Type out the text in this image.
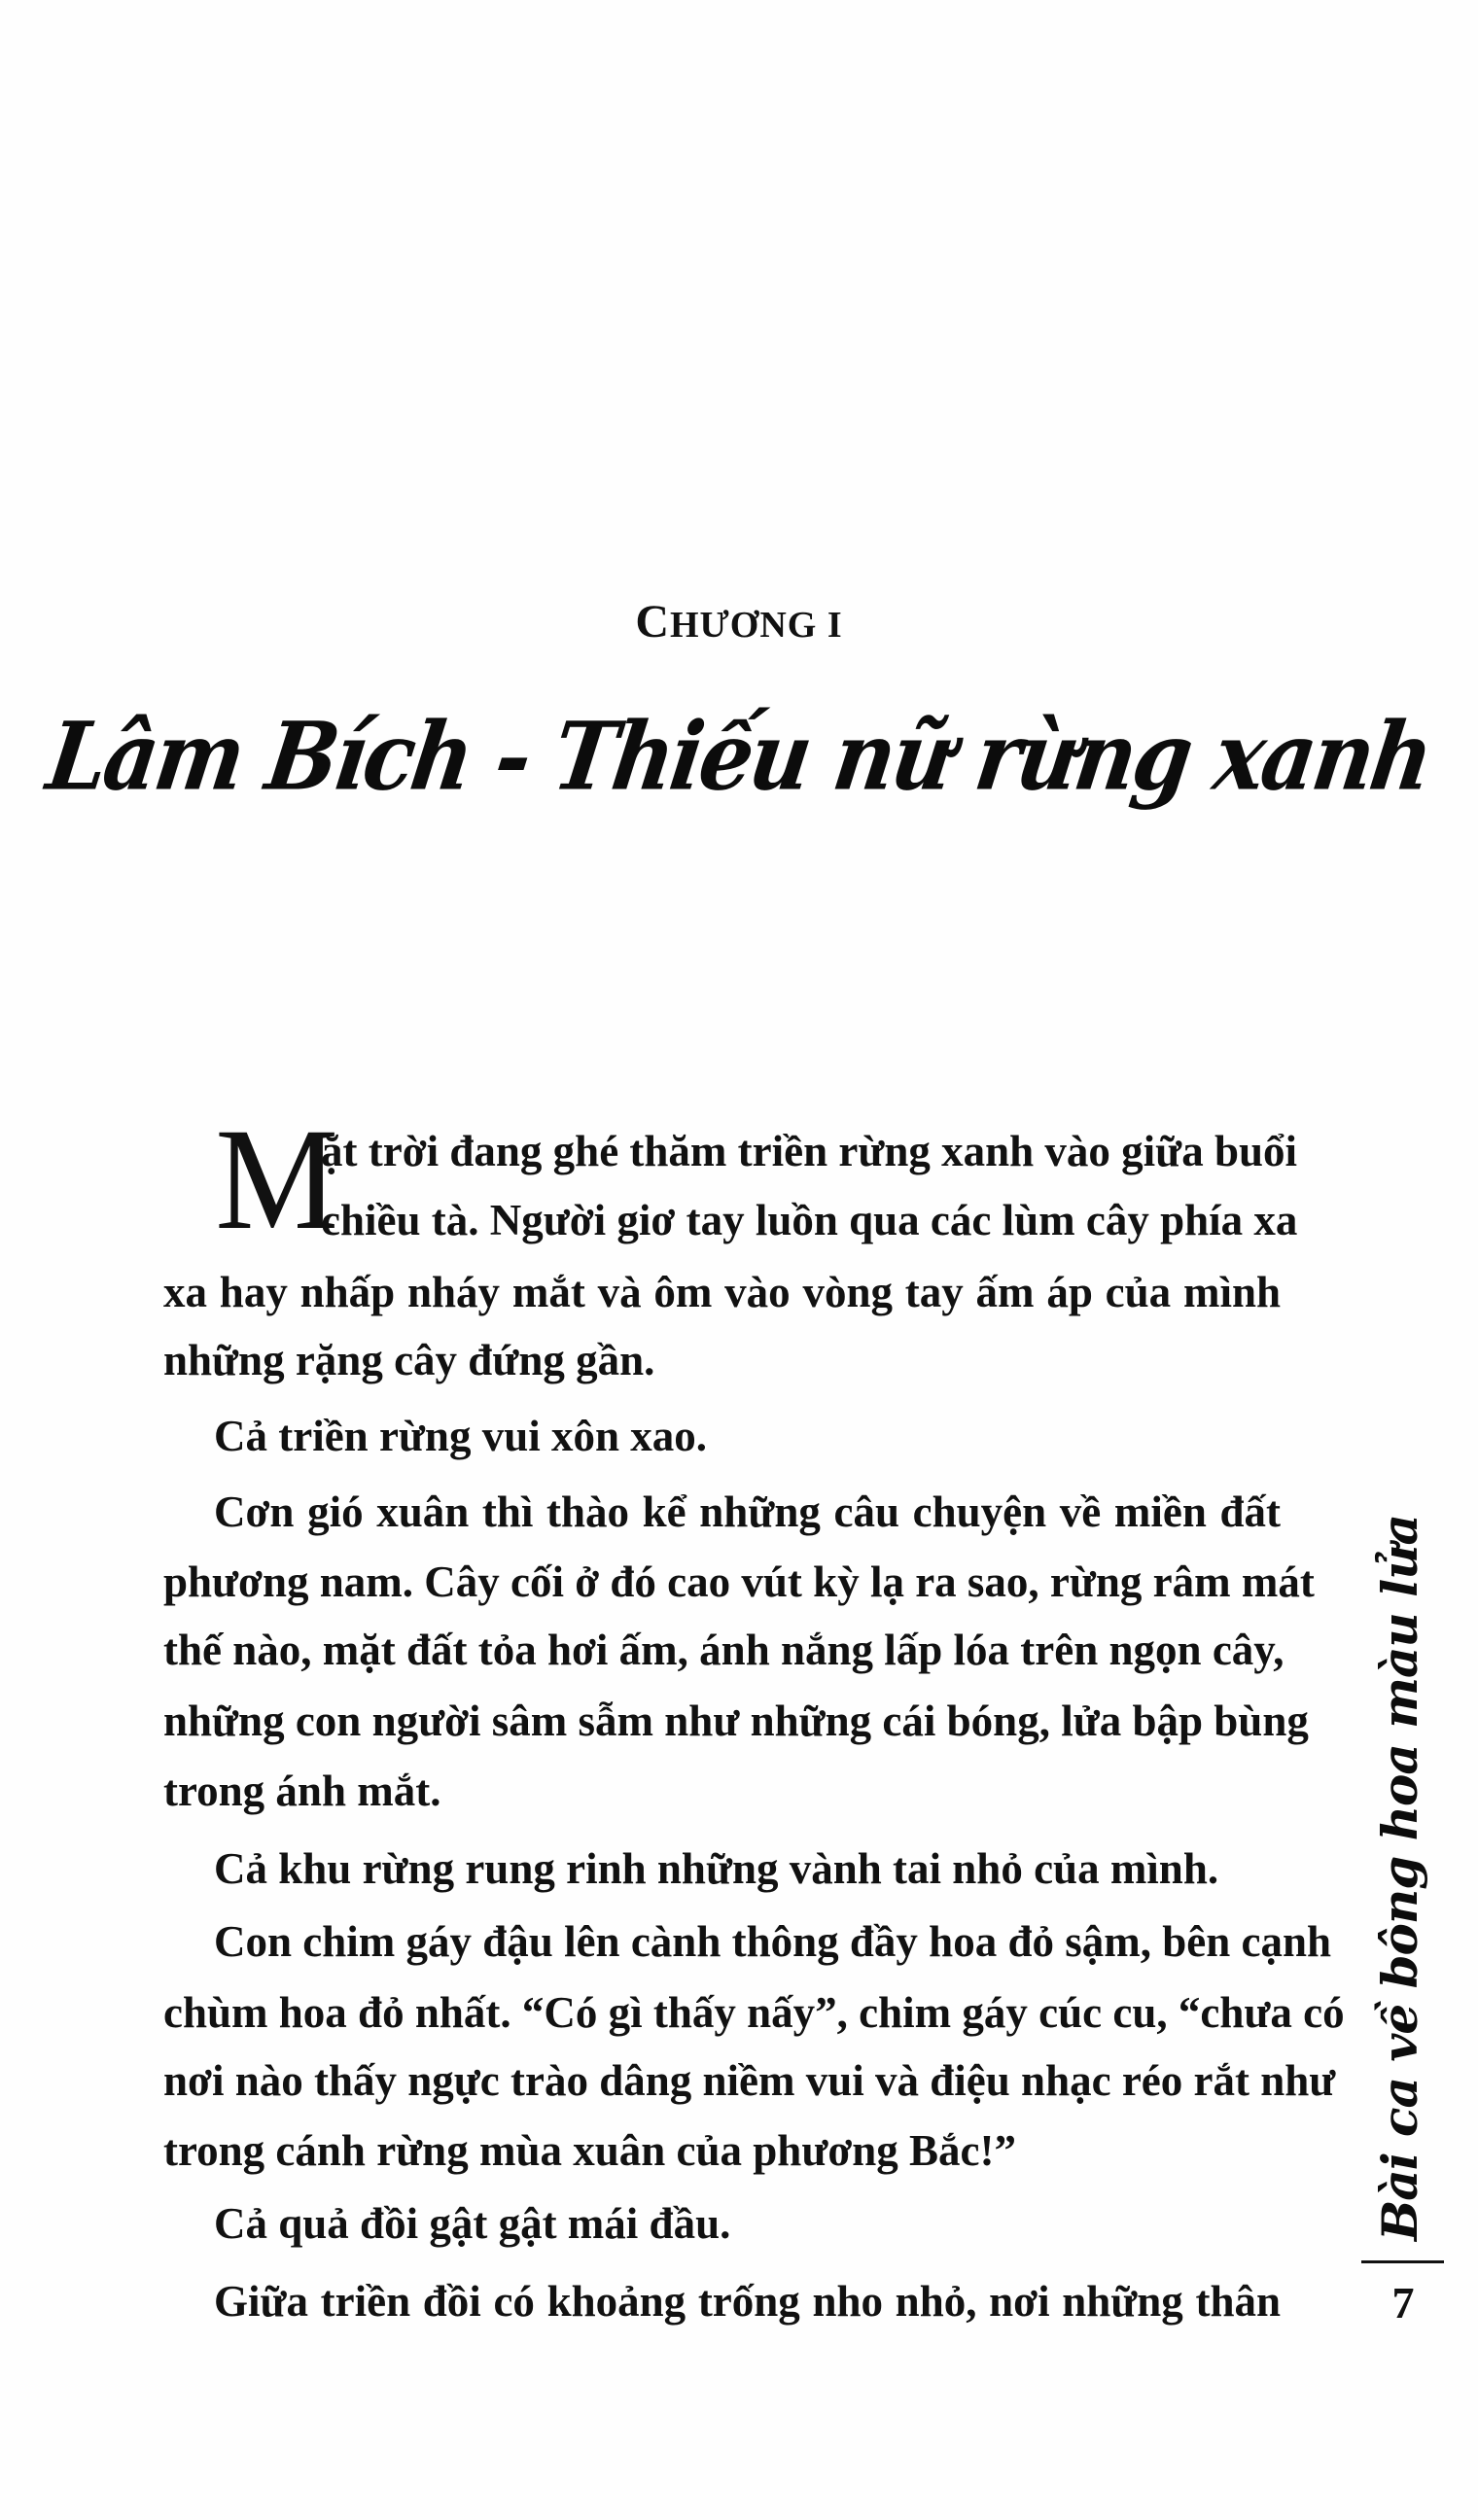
CHƯƠNG I
Lâm Bích - Thiếu nữ rừng xanh
M
ặt trời đang ghé thăm triền rừng xanh vào giữa buổi
chiều tà. Người giơ tay luồn qua các lùm cây phía xa
xa hay nhấp nháy mắt và ôm vào vòng tay ấm áp của mình
những rặng cây đứng gần.
Cả triền rừng vui xôn xao.
Cơn gió xuân thì thào kể những câu chuyện về miền đất
phương nam. Cây cối ở đó cao vút kỳ lạ ra sao, rừng râm mát
thế nào, mặt đất tỏa hơi ấm, ánh nắng lấp lóa trên ngọn cây,
những con người sâm sẫm như những cái bóng, lửa bập bùng
trong ánh mắt.
Cả khu rừng rung rinh những vành tai nhỏ của mình.
Con chim gáy đậu lên cành thông đầy hoa đỏ sậm, bên cạnh
chùm hoa đỏ nhất. “Có gì thấy nấy”, chim gáy cúc cu, “chưa có
nơi nào thấy ngực trào dâng niềm vui và điệu nhạc réo rắt như
trong cánh rừng mùa xuân của phương Bắc!”
Cả quả đồi gật gật mái đầu.
Giữa triền đồi có khoảng trống nho nhỏ, nơi những thân
Bài ca về bông hoa màu lửa
7
